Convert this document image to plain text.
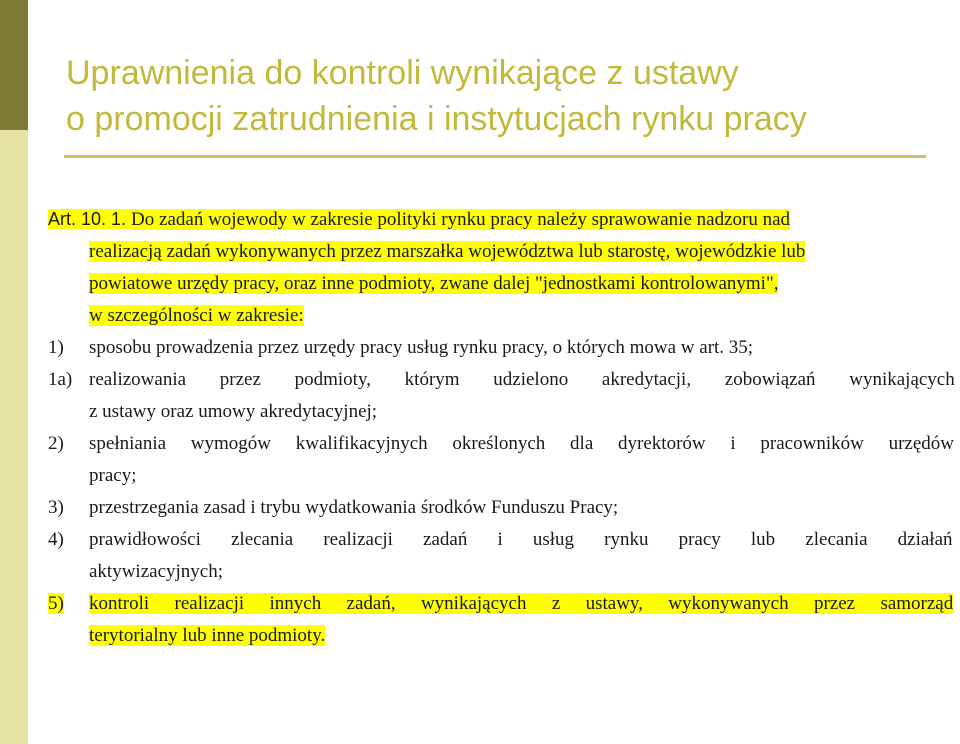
Uprawnienia do kontroli wynikające z ustawy
o promocji zatrudnienia i instytucjach rynku pracy
Art. 10. 1. Do zadań wojewody w zakresie polityki rynku pracy należy sprawowanie nadzoru nad
realizacją zadań wykonywanych przez marszałka województwa lub starostę, wojewódzkie lub
powiatowe urzędy pracy, oraz inne podmioty, zwane dalej "jednostkami kontrolowanymi",
w szczególności w zakresie:
1) sposobu prowadzenia przez urzędy pracy usług rynku pracy, o których mowa w art. 35;
1a) realizowania przez podmioty, którym udzielono akredytacji, zobowiązań wynikających
z ustawy oraz umowy akredytacyjnej;
2) spełniania wymogów kwalifikacyjnych określonych dla dyrektorów i pracowników urzędów
pracy;
3) przestrzegania zasad i trybu wydatkowania środków Funduszu Pracy;
4) prawidłowości zlecania realizacji zadań i usług rynku pracy lub zlecania działań
aktywizacyjnych;
5) kontroli realizacji innych zadań, wynikających z ustawy, wykonywanych przez samorząd
terytorialny lub inne podmioty.
